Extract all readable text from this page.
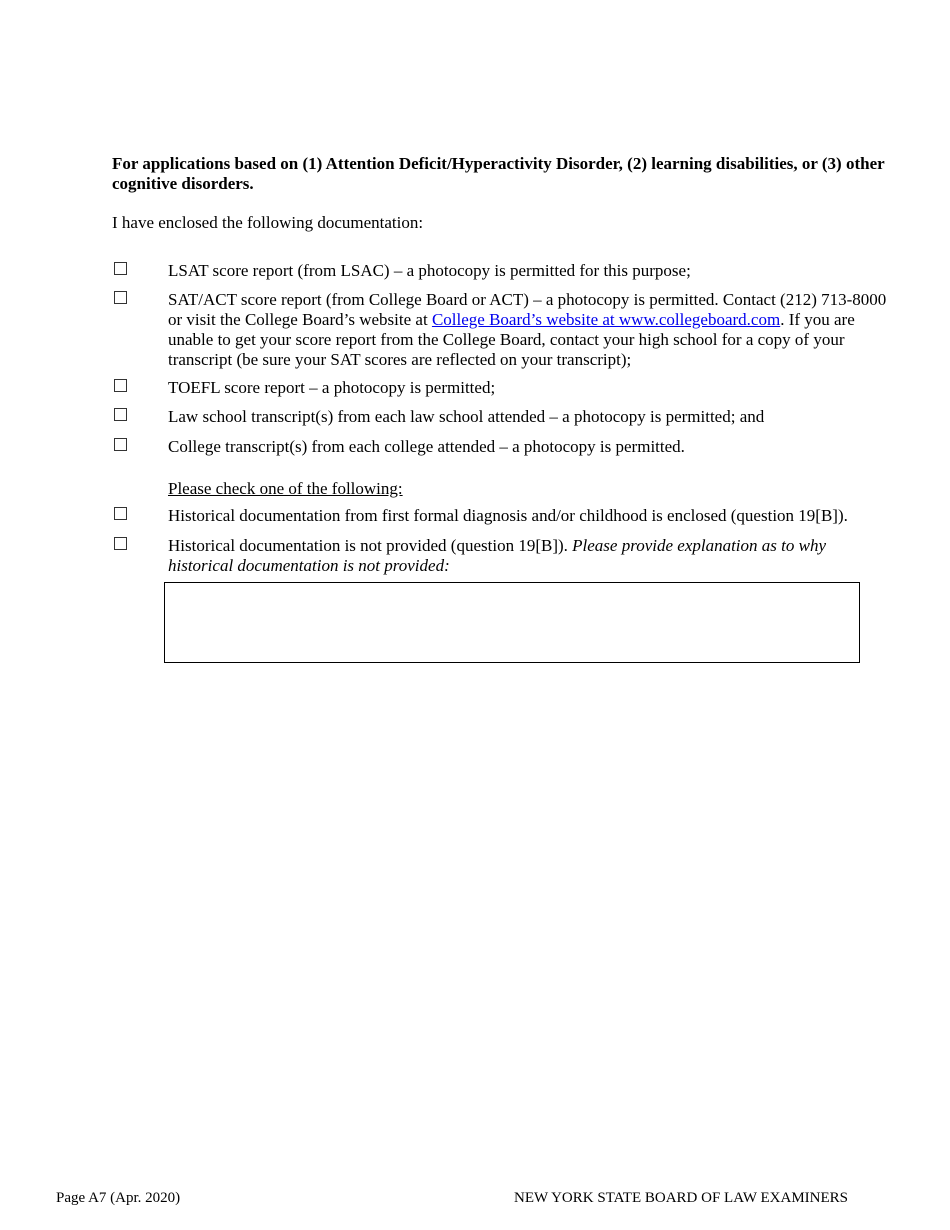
For applications based on (1) Attention Deficit/Hyperactivity Disorder, (2) learning disabilities, or (3) other cognitive disorders.
I have enclosed the following documentation:
LSAT score report (from LSAC) – a photocopy is permitted for this purpose;
SAT/ACT score report (from College Board or ACT) – a photocopy is permitted. Contact (212) 713-8000 or visit the College Board’s website at College Board’s website at www.collegeboard.com. If you are unable to get your score report from the College Board, contact your high school for a copy of your transcript (be sure your SAT scores are reflected on your transcript);
TOEFL score report – a photocopy is permitted;
Law school transcript(s) from each law school attended – a photocopy is permitted; and
College transcript(s) from each college attended – a photocopy is permitted.
Please check one of the following:
Historical documentation from first formal diagnosis and/or childhood is enclosed (question 19[B]).
Historical documentation is not provided (question 19[B]). Please provide explanation as to why historical documentation is not provided:
Page A7 (Apr. 2020)	NEW YORK STATE BOARD OF LAW EXAMINERS
